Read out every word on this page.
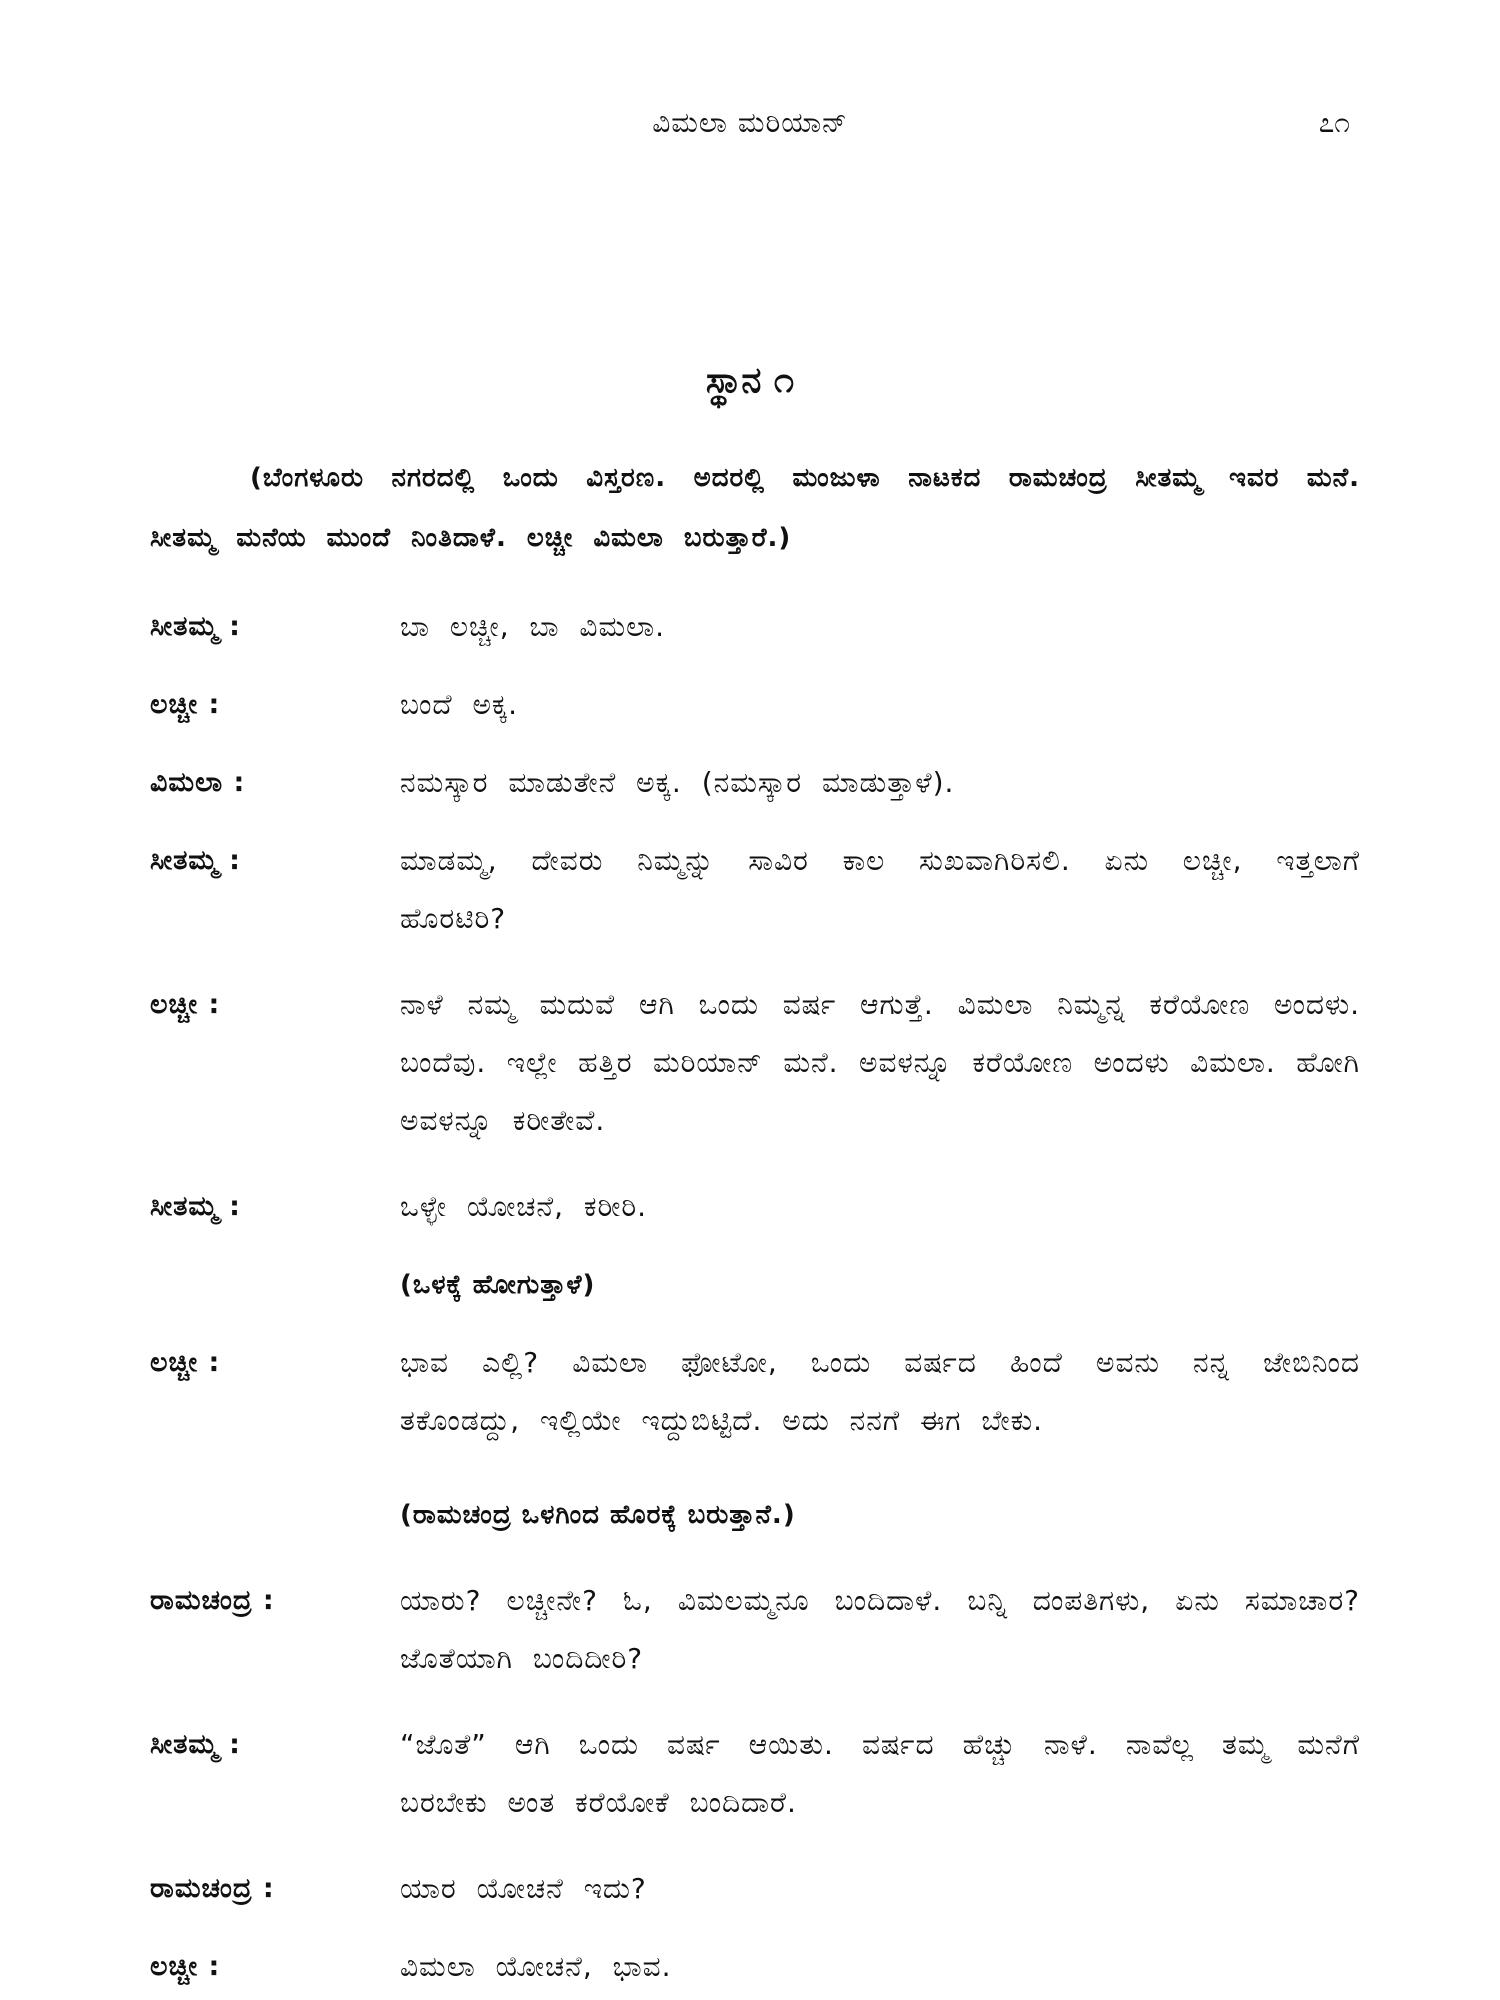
ವಿಮಲಾ ಮರಿಯಾನ್	೭೧
ಸ್ಥಾನ ೧
(ಬೆಂಗಳೂರು ನಗರದಲ್ಲಿ ಒಂದು ವಿಸ್ತರಣ. ಅದರಲ್ಲಿ ಮಂಜುಳಾ ನಾಟಕದ ರಾಮಚಂದ್ರ ಸೀತಮ್ಮ ಇವರ ಮನೆ. ಸೀತಮ್ಮ ಮನೆಯ ಮುಂದೆ ನಿಂತಿದಾಳೆ. ಲಚ್ಚೀ ವಿಮಲಾ ಬರುತ್ತಾರೆ.)
ಸೀತಮ್ಮ :	ಬಾ ಲಚ್ಚೀ, ಬಾ ವಿಮಲಾ.
ಲಚ್ಚೀ :	ಬಂದೆ ಅಕ್ಕ.
ವಿಮಲಾ :	ನಮಸ್ಕಾರ ಮಾಡುತೇನೆ ಅಕ್ಕ. (ನಮಸ್ಕಾರ ಮಾಡುತ್ತಾಳೆ).
ಸೀತಮ್ಮ :	ಮಾಡಮ್ಮ, ದೇವರು ನಿಮ್ಮನ್ನು ಸಾವಿರ ಕಾಲ ಸುಖವಾಗಿರಿಸಲಿ. ಏನು ಲಚ್ಚೀ, ಇತ್ತಲಾಗೆ ಹೊರಟಿರಿ?
ಲಚ್ಚೀ :	ನಾಳೆ ನಮ್ಮ ಮದುವೆ ಆಗಿ ಒಂದು ವರ್ಷ ಆಗುತ್ತೆ. ವಿಮಲಾ ನಿಮ್ಮನ್ನ ಕರೆಯೋಣ ಅಂದಳು. ಬಂದೆವು. ಇಲ್ಲೇ ಹತ್ತಿರ ಮರಿಯಾನ್ ಮನೆ. ಅವಳನ್ನೂ ಕರೆಯೋಣ ಅಂದಳು ವಿಮಲಾ. ಹೋಗಿ ಅವಳನ್ನೂ ಕರೀತೇವೆ.
ಸೀತಮ್ಮ :	ಒಳ್ಳೇ ಯೋಚನೆ, ಕರೀರಿ.
(ಒಳಕ್ಕೆ ಹೋಗುತ್ತಾಳೆ)
ಲಚ್ಚೀ :	ಭಾವ ಎಲ್ಲಿ? ವಿಮಲಾ ಫೋಟೋ, ಒಂದು ವರ್ಷದ ಹಿಂದೆ ಅವನು ನನ್ನ ಜೇಬಿನಿಂದ ತಕೊಂಡದ್ದು, ಇಲ್ಲಿಯೇ ಇದ್ದುಬಿಟ್ಟಿದೆ. ಅದು ನನಗೆ ಈಗ ಬೇಕು.
(ರಾಮಚಂದ್ರ ಒಳಗಿಂದ ಹೊರಕ್ಕೆ ಬರುತ್ತಾನೆ.)
ರಾಮಚಂದ್ರ :	ಯಾರು? ಲಚ್ಚೀನೇ? ಓ, ವಿಮಲಮ್ಮನೂ ಬಂದಿದಾಳೆ. ಬನ್ನಿ ದಂಪತಿಗಳು, ಏನು ಸಮಾಚಾರ? ಜೊತೆಯಾಗಿ ಬಂದಿದೀರಿ?
ಸೀತಮ್ಮ :	“ಜೊತೆ” ಆಗಿ ಒಂದು ವರ್ಷ ಆಯಿತು. ವರ್ಷದ ಹೆಚ್ಚು ನಾಳೆ. ನಾವೆಲ್ಲ ತಮ್ಮ ಮನೆಗೆ ಬರಬೇಕು ಅಂತ ಕರೆಯೋಕೆ ಬಂದಿದಾರೆ.
ರಾಮಚಂದ್ರ :	ಯಾರ ಯೋಚನೆ ಇದು?
ಲಚ್ಚೀ :	ವಿಮಲಾ ಯೋಚನೆ, ಭಾವ.
